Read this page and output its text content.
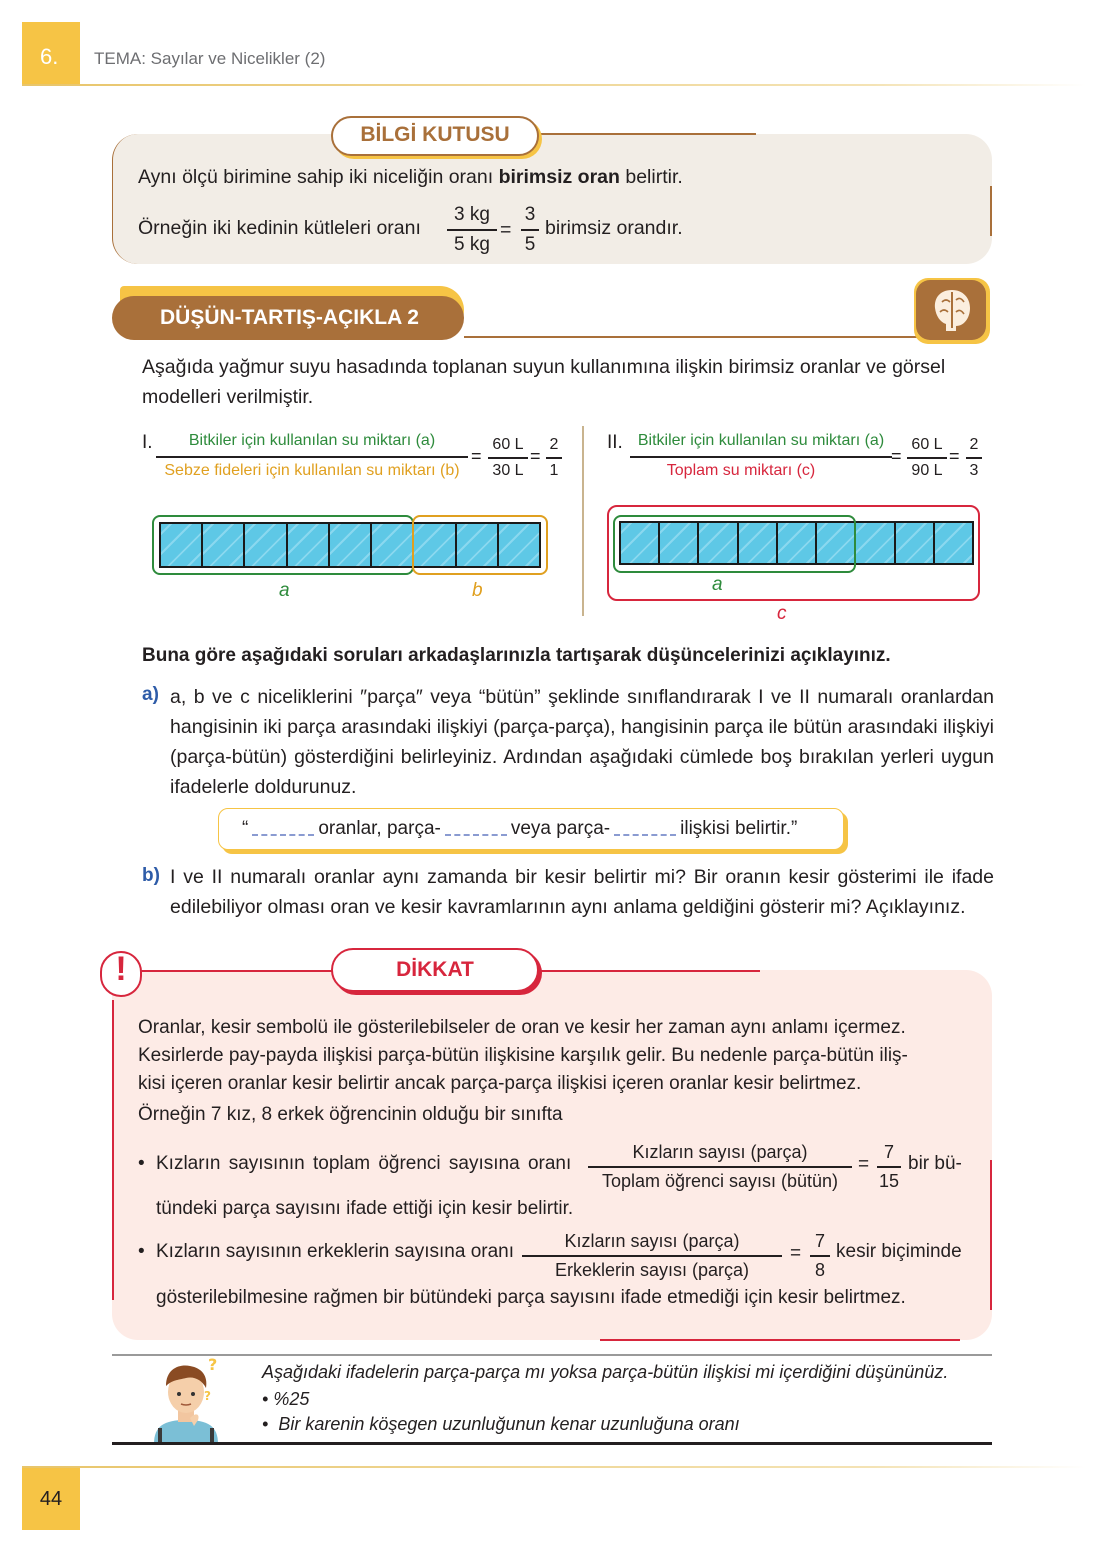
6. TEMA: Sayılar ve Nicelikler (2)
BİLGİ KUTUSU
Aynı ölçü birimine sahip iki niceliğin oranı birimsiz oran belirtir.
Örneğin iki kedinin kütleleri oranı
3 kg
5 kg
=
3
5
birimsiz orandır.
DÜŞÜN-TARTIŞ-AÇIKLA 2
Aşağıda yağmur suyu hasadında toplanan suyun kullanımına ilişkin birimsiz oranlar ve görsel modelleri verilmiştir.
I.	Bitkiler için kullanılan su miktarı (a)
Sebze fideleri için kullanılan su miktarı (b)
=
60 L
30 L
=
2
1
a	b
II. Bitkiler için kullanılan su miktarı (a)
Toplam su miktarı (c)
=
60 L
90 L
=
2
3
a
c
Buna göre aşağıdaki soruları arkadaşlarınızla tartışarak düşüncelerinizi açıklayınız.
a) a, b ve c niceliklerini ″parça″ veya “bütün” şeklinde sınıflandırarak I ve II numaralı oranlardan hangisinin iki parça arasındaki ilişkiyi (parça-parça), hangisinin parça ile bütün arasındaki ilişkiyi (parça-bütün) gösterdiğini belirleyiniz. Ardından aşağıdaki cümlede boş bırakılan yerleri uygun ifadelerle doldurunuz.
“	oranlar, parça-	veya parça-	ilişkisi belirtir.”
b) I ve II numaralı oranlar aynı zamanda bir kesir belirtir mi? Bir oranın kesir gösterimi ile ifade edilebiliyor olması oran ve kesir kavramlarının aynı anlama geldiğini gösterir mi? Açıklayınız.
!	DİKKAT
Oranlar, kesir sembolü ile gösterilebilseler de oran ve kesir her zaman aynı anlamı içermez.
Kesirlerde pay-payda ilişkisi parça-bütün ilişkisine karşılık gelir. Bu nedenle parça-bütün iliş-
kisi içeren oranlar kesir belirtir ancak parça-parça ilişkisi içeren oranlar kesir belirtmez.
Örneğin 7 kız, 8 erkek öğrencinin olduğu bir sınıfta
• Kızların sayısının toplam öğrenci sayısına oranı
Kızların sayısı (parça)
Toplam öğrenci sayısı (bütün)
=
7
15
bir bü-
tündeki parça sayısını ifade ettiği için kesir belirtir.
• Kızların sayısının erkeklerin sayısına oranı	Kızların sayısı (parça)
Erkeklerin sayısı (parça)
=
7
8
kesir biçiminde
gösterilebilmesine rağmen bir bütündeki parça sayısını ifade etmediği için kesir belirtmez.
?
?
Aşağıdaki ifadelerin parça-parça mı yoksa parça-bütün ilişkisi mi içerdiğini düşününüz.
• %25
•  Bir karenin köşegen uzunluğunun kenar uzunluğuna oranı
44
